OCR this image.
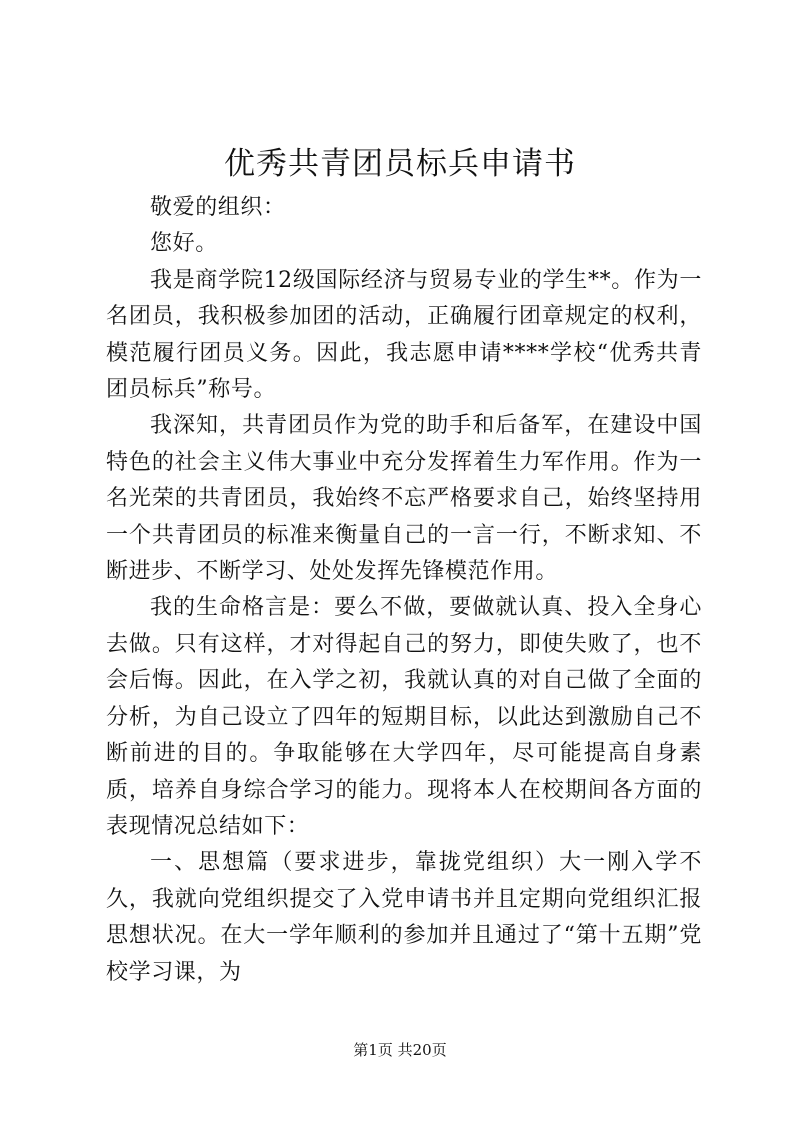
优秀共青团员标兵申请书

敬爱的组织：

您好。

我是商学院12级国际经济与贸易专业的学生**。作为一名团员，我积极参加团的活动，正确履行团章规定的权利，模范履行团员义务。因此，我志愿申请****学校“优秀共青团员标兵”称号。

我深知，共青团员作为党的助手和后备军，在建设中国特色的社会主义伟大事业中充分发挥着生力军作用。作为一名光荣的共青团员，我始终不忘严格要求自己，始终坚持用一个共青团员的标准来衡量自己的一言一行，不断求知、不断进步、不断学习、处处发挥先锋模范作用。

我的生命格言是：要么不做，要做就认真、投入全身心去做。只有这样，才对得起自己的努力，即使失败了，也不会后悔。因此，在入学之初，我就认真的对自己做了全面的分析，为自己设立了四年的短期目标，以此达到激励自己不断前进的目的。争取能够在大学四年，尽可能提高自身素质，培养自身综合学习的能力。现将本人在校期间各方面的表现情况总结如下：

一、思想篇（要求进步，靠拢党组织）大一刚入学不久，我就向党组织提交了入党申请书并且定期向党组织汇报思想状况。在大一学年顺利的参加并且通过了“第十五期”党校学习课，为

第1页 共20页
